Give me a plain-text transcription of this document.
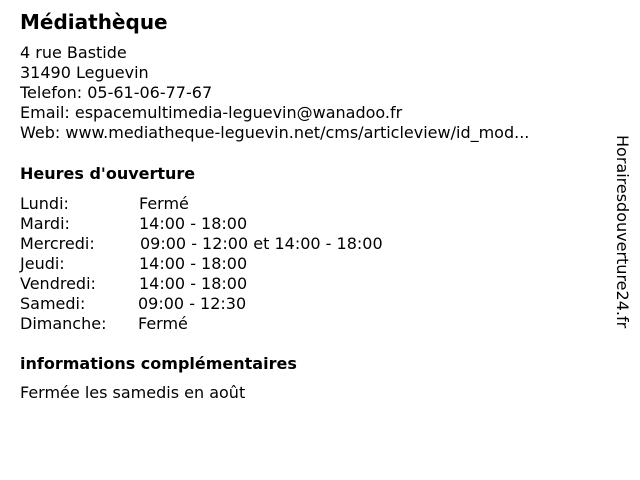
Médiathèque
4 rue Bastide
31490 Leguevin
Telefon: 05-61-06-77-67
Email: espacemultimedia-leguevin@wanadoo.fr
Web: www.mediatheque-leguevin.net/cms/articleview/id_mod...
Heures d'ouverture
Lundi:	Fermé
Mardi:	14:00 - 18:00
Mercredi:	09:00 - 12:00 et 14:00 - 18:00
Jeudi:	14:00 - 18:00
Vendredi:	14:00 - 18:00
Samedi:	09:00 - 12:30
Dimanche: Fermé
informations complémentaires
Fermée les samedis en août
Horairesdouverture24.fr
